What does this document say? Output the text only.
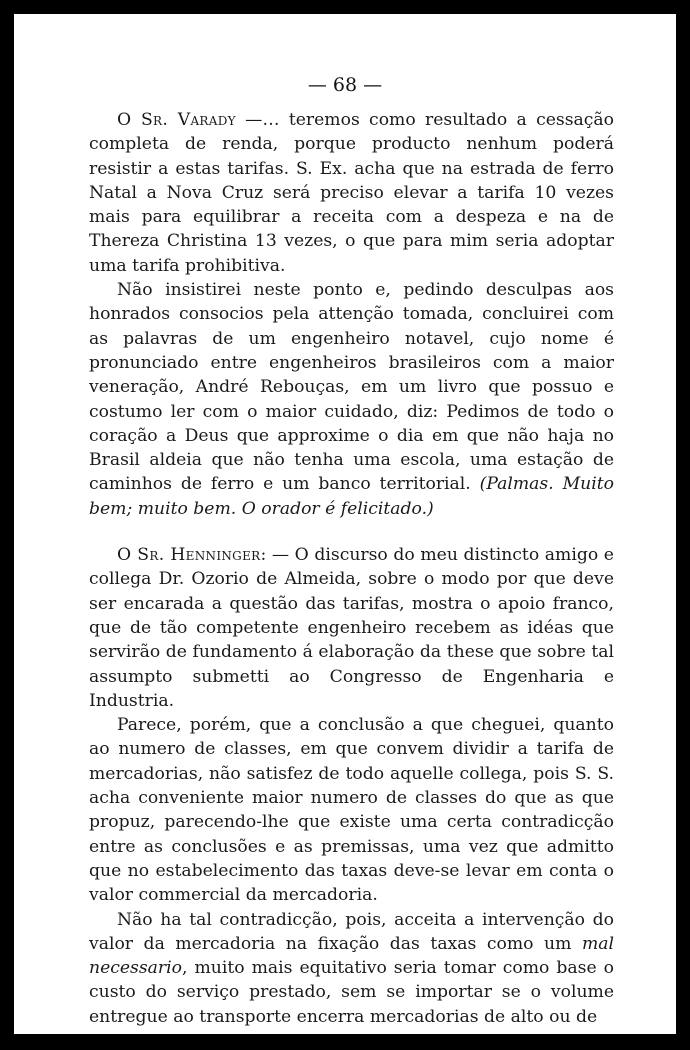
— 68 —

O Sr. Varady —… teremos como resultado a cessação completa de renda, porque producto nenhum poderá resistir a estas tarifas. S. Ex. acha que na estrada de ferro Natal a Nova Cruz será preciso elevar a tarifa 10 vezes mais para equilibrar a receita com a despeza e na de Thereza Christina 13 vezes, o que para mim seria adoptar uma tarifa prohibitiva.

Não insistirei neste ponto e, pedindo desculpas aos honrados consocios pela attenção tomada, concluirei com as palavras de um engenheiro notavel, cujo nome é pronunciado entre engenheiros brasileiros com a maior veneração, André Rebouças, em um livro que possuo e costumo ler com o maior cuidado, diz: Pedimos de todo o coração a Deus que approxime o dia em que não haja no Brasil aldeia que não tenha uma escola, uma estação de caminhos de ferro e um banco territorial. (Palmas. Muito bem; muito bem. O orador é felicitado.)

O Sr. Henninger: — O discurso do meu distincto amigo e collega Dr. Ozorio de Almeida, sobre o modo por que deve ser encarada a questão das tarifas, mostra o apoio franco, que de tão competente engenheiro recebem as idéas que servirão de fundamento á elaboração da these que sobre tal assumpto submetti ao Congresso de Engenharia e Industria.

Parece, porém, que a conclusão a que cheguei, quanto ao numero de classes, em que convem dividir a tarifa de mercadorias, não satisfez de todo aquelle collega, pois S. S. acha conveniente maior numero de classes do que as que propuz, parecendo-lhe que existe uma certa contradicção entre as conclusões e as premissas, uma vez que admitto que no estabelecimento das taxas deve-se levar em conta o valor commercial da mercadoria.

Não ha tal contradicção, pois, acceita a intervenção do valor da mercadoria na fixação das taxas como um mal necessario, muito mais equitativo seria tomar como base o custo do serviço prestado, sem se importar se o volume entregue ao transporte encerra mercadorias de alto ou de
